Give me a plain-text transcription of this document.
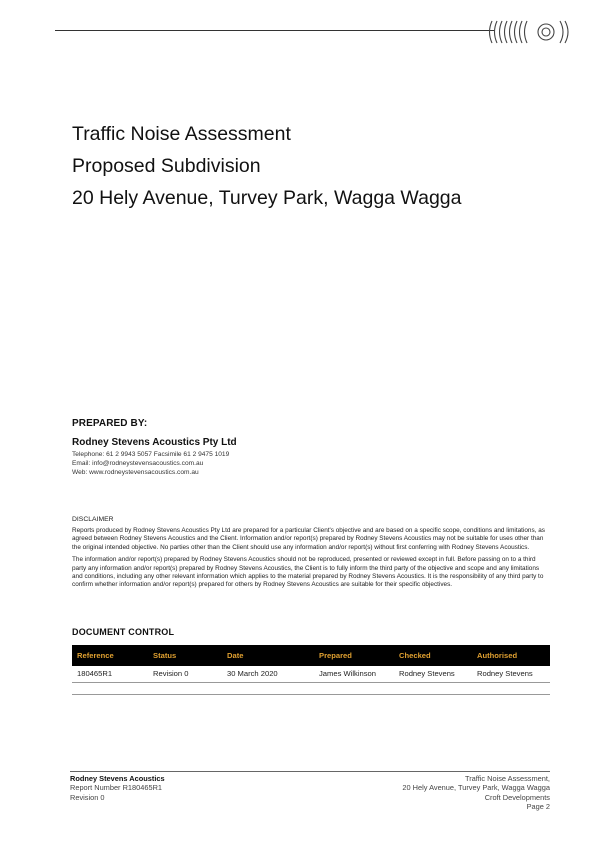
Traffic Noise Assessment
Proposed Subdivision
20 Hely Avenue, Turvey Park, Wagga Wagga
PREPARED BY:
Rodney Stevens Acoustics Pty Ltd
Telephone: 61 2 9943 5057 Facsimile 61 2 9475 1019
Email: info@rodneystevensacoustics.com.au
Web: www.rodneystevensacoustics.com.au
DISCLAIMER

Reports produced by Rodney Stevens Acoustics Pty Ltd are prepared for a particular Client's objective and are based on a specific scope, conditions and limitations, as agreed between Rodney Stevens Acoustics and the Client. Information and/or report(s) prepared by Rodney Stevens Acoustics may not be suitable for uses other than the original intended objective. No parties other than the Client should use any information and/or report(s) without first conferring with Rodney Stevens Acoustics.

The information and/or report(s) prepared by Rodney Stevens Acoustics should not be reproduced, presented or reviewed except in full. Before passing on to a third party any information and/or report(s) prepared by Rodney Stevens Acoustics, the Client is to fully inform the third party of the objective and scope and any limitations and conditions, including any other relevant information which applies to the material prepared by Rodney Stevens Acoustics. It is the responsibility of any third party to confirm whether information and/or report(s) prepared for others by Rodney Stevens Acoustics are suitable for their specific objectives.

DOCUMENT CONTROL
Reference	Status	Date	Prepared	Checked	Authorised
180465R1	Revision 0	30 March 2020	James Wilkinson	Rodney Stevens	Rodney Stevens

Rodney Stevens Acoustics
Report Number R180465R1
Revision 0
Traffic Noise Assessment,
20 Hely Avenue, Turvey Park, Wagga Wagga
Croft Developments
Page 2
